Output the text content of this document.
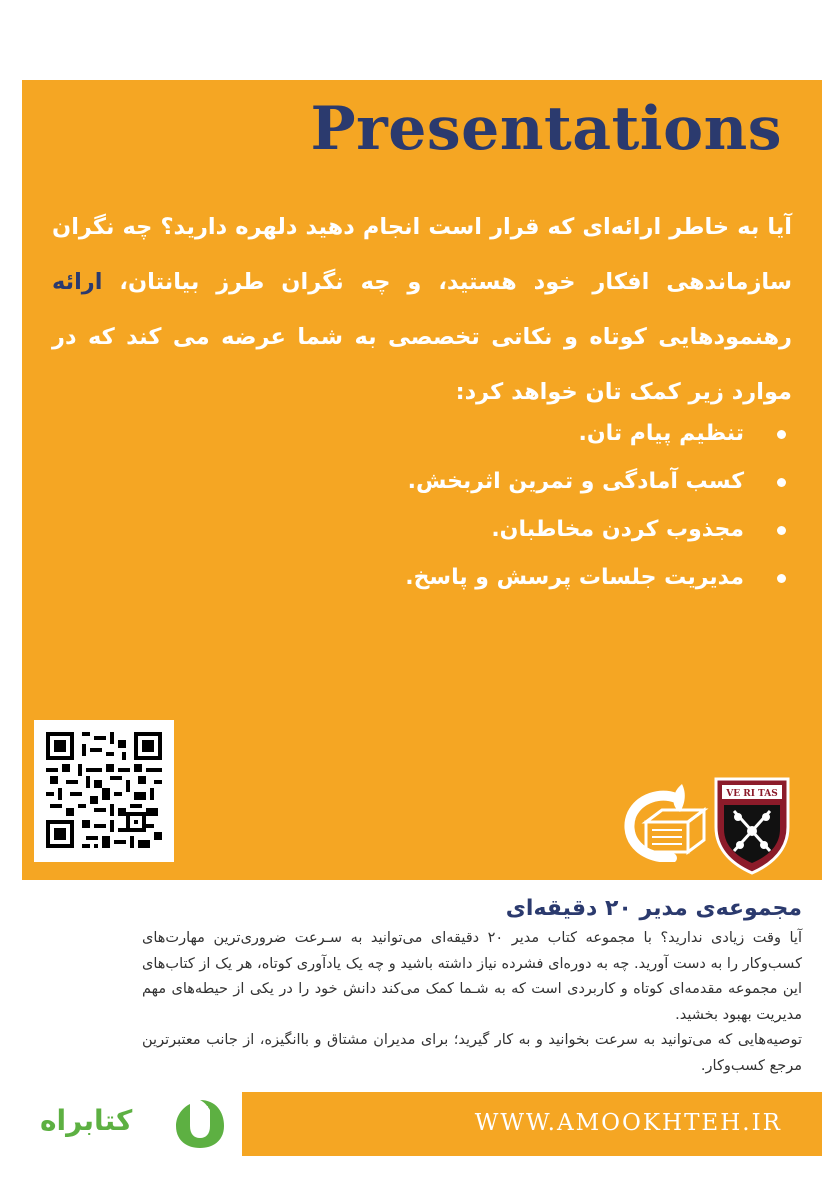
Presentations
آیا به خاطر ارائه‌ای که قرار است انجام دهید دلهره دارید؟ چه نگران سازماندهی افکار خود هستید، و چه نگران طرز بیانتان، ارائه رهنمودهایی کوتاه و نکاتی تخصصی به شما عرضه می کند که در موارد زیر کمک تان خواهد کرد:
تنظیم پیام تان.
کسب آمادگی و تمرین اثربخش.
مجذوب کردن مخاطبان.
مدیریت جلسات پرسش و پاسخ.
VE RI TAS
مجموعه‌ی مدیر ۲۰ دقیقه‌ای
آیا وقت زیادی ندارید؟ با مجموعه کتاب مدیر ۲۰ دقیقه‌ای می‌توانید به سـرعت ضروری‌ترین مهارت‌های کسب‌وکار را به دست آورید. چه به دوره‌ای فشرده نیاز داشته باشید و چه یک یادآوری کوتاه، هر یک از کتاب‌های این مجموعه مقدمه‌ای کوتاه و کاربردی است که به شـما کمک می‌کند دانش خود را در یکی از حیطه‌های مهم مدیریت بهبود بخشید.
توصیه‌هایی که می‌توانید به سرعت بخوانید و به کار گیرید؛ برای مدیران مشتاق و باانگیزه، از جانب معتبرترین مرجع کسب‌وکار.
کتابراه	WWW.AMOOKHTEH.IR
